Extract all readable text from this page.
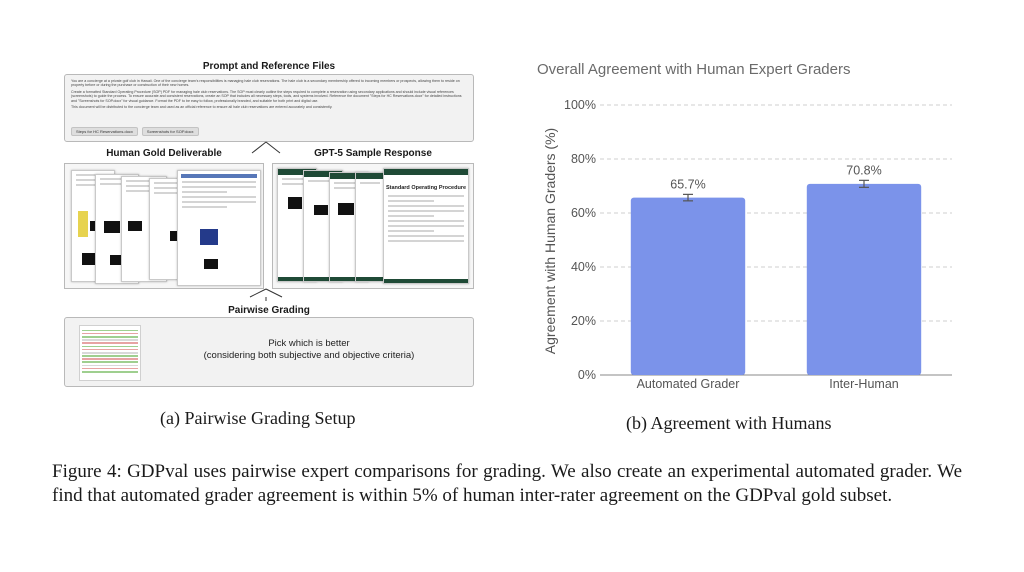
Prompt and Reference Files

You are a concierge at a private golf club in Hawaii. One of the concierge team's responsibilities is managing hale club reservations. The hale club is a secondary membership offered to incoming members or prospects, allowing them to reside on property before or during the purchase or construction of their new homes.

Create a formatted Standard Operating Procedure (SOP) PDF for managing hale club reservations. The SOP must clearly outline the steps required to complete a reservation using secondary applications and should include visual references (screenshots) to guide the process. To ensure accurate and consistent reservations, create an SOP that includes all necessary steps, tools, and systems involved. Reference the document "Steps for HC Reservations.docx" for detailed instructions and "Screenshots for SOP.docx" for visual guidance. Format the PDF to be easy to follow, professionally branded, and suitable for both print and digital use.

This document will be distributed to the concierge team and used as an official reference to ensure all hale club reservations are entered accurately and consistently.

Steps for HC Reservations.docx	Screenshots for SOP.docx
Human Gold Deliverable	GPT-5 Sample Response
Standard Operating Procedure
Pairwise Grading
Pick which is better
(considering both subjective and objective criteria)
(a) Pairwise Grading Setup
Overall Agreement with Human Expert Graders
0%
20%
40%
60%
80%
100%
Automated Grader	Inter-Human
65.7%
70.8%
Agreement with Human Graders (%)
(b) Agreement with Humans
Figure 4: GDPval uses pairwise expert comparisons for grading. We also create an experimental automated grader. We find that automated grader agreement is within 5% of human inter-rater agreement on the GDPval gold subset.
